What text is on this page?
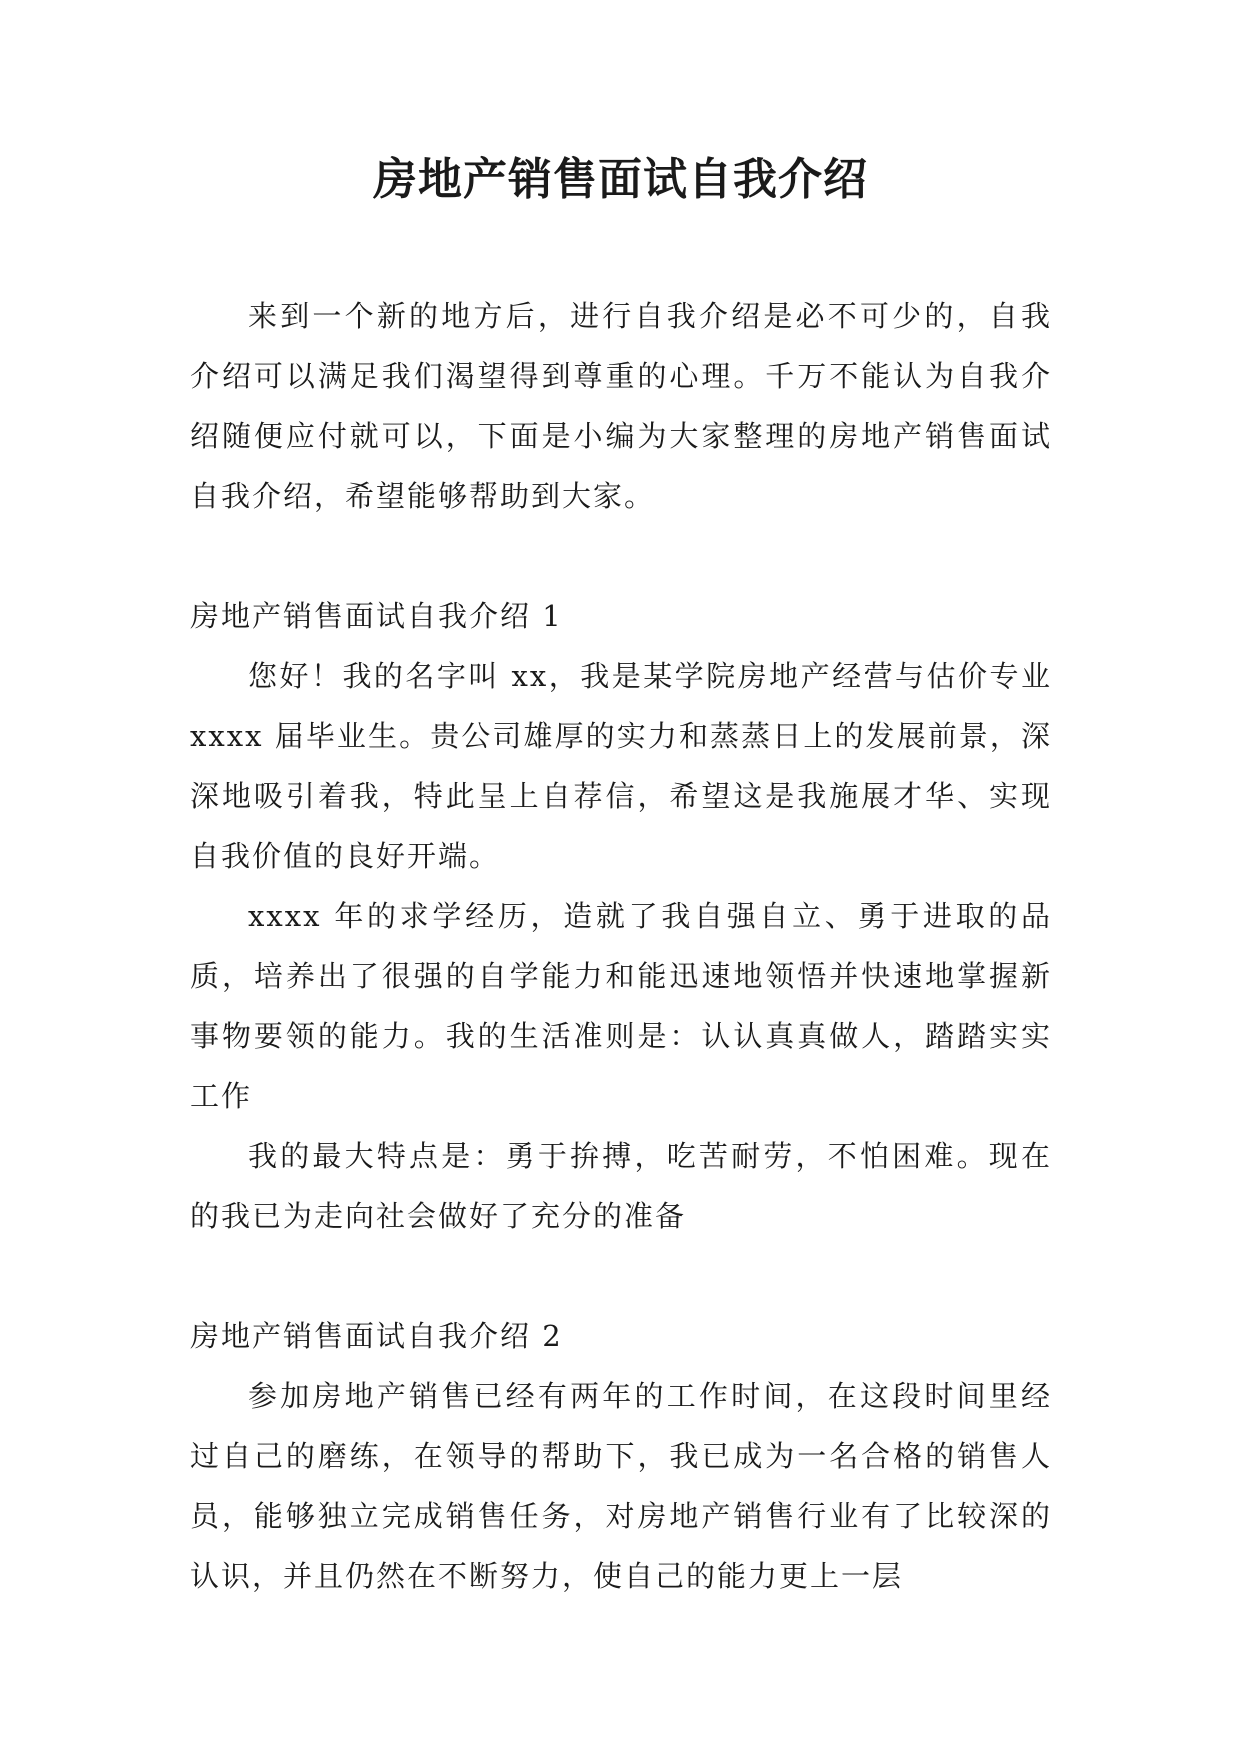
房地产销售面试自我介绍

来到一个新的地方后，进行自我介绍是必不可少的，自我介绍可以满足我们渴望得到尊重的心理。千万不能认为自我介绍随便应付就可以，下面是小编为大家整理的房地产销售面试自我介绍，希望能够帮助到大家。

房地产销售面试自我介绍 1

您好！我的名字叫 xx，我是某学院房地产经营与估价专业 xxxx 届毕业生。贵公司雄厚的实力和蒸蒸日上的发展前景，深深地吸引着我，特此呈上自荐信，希望这是我施展才华、实现自我价值的良好开端。

xxxx 年的求学经历，造就了我自强自立、勇于进取的品质，培养出了很强的自学能力和能迅速地领悟并快速地掌握新事物要领的能力。我的生活准则是：认认真真做人，踏踏实实工作

我的最大特点是：勇于拚搏，吃苦耐劳，不怕困难。现在的我已为走向社会做好了充分的准备

房地产销售面试自我介绍 2

参加房地产销售已经有两年的工作时间，在这段时间里经过自己的磨练，在领导的帮助下，我已成为一名合格的销售人员，能够独立完成销售任务，对房地产销售行业有了比较深的认识，并且仍然在不断努力，使自己的能力更上一层
